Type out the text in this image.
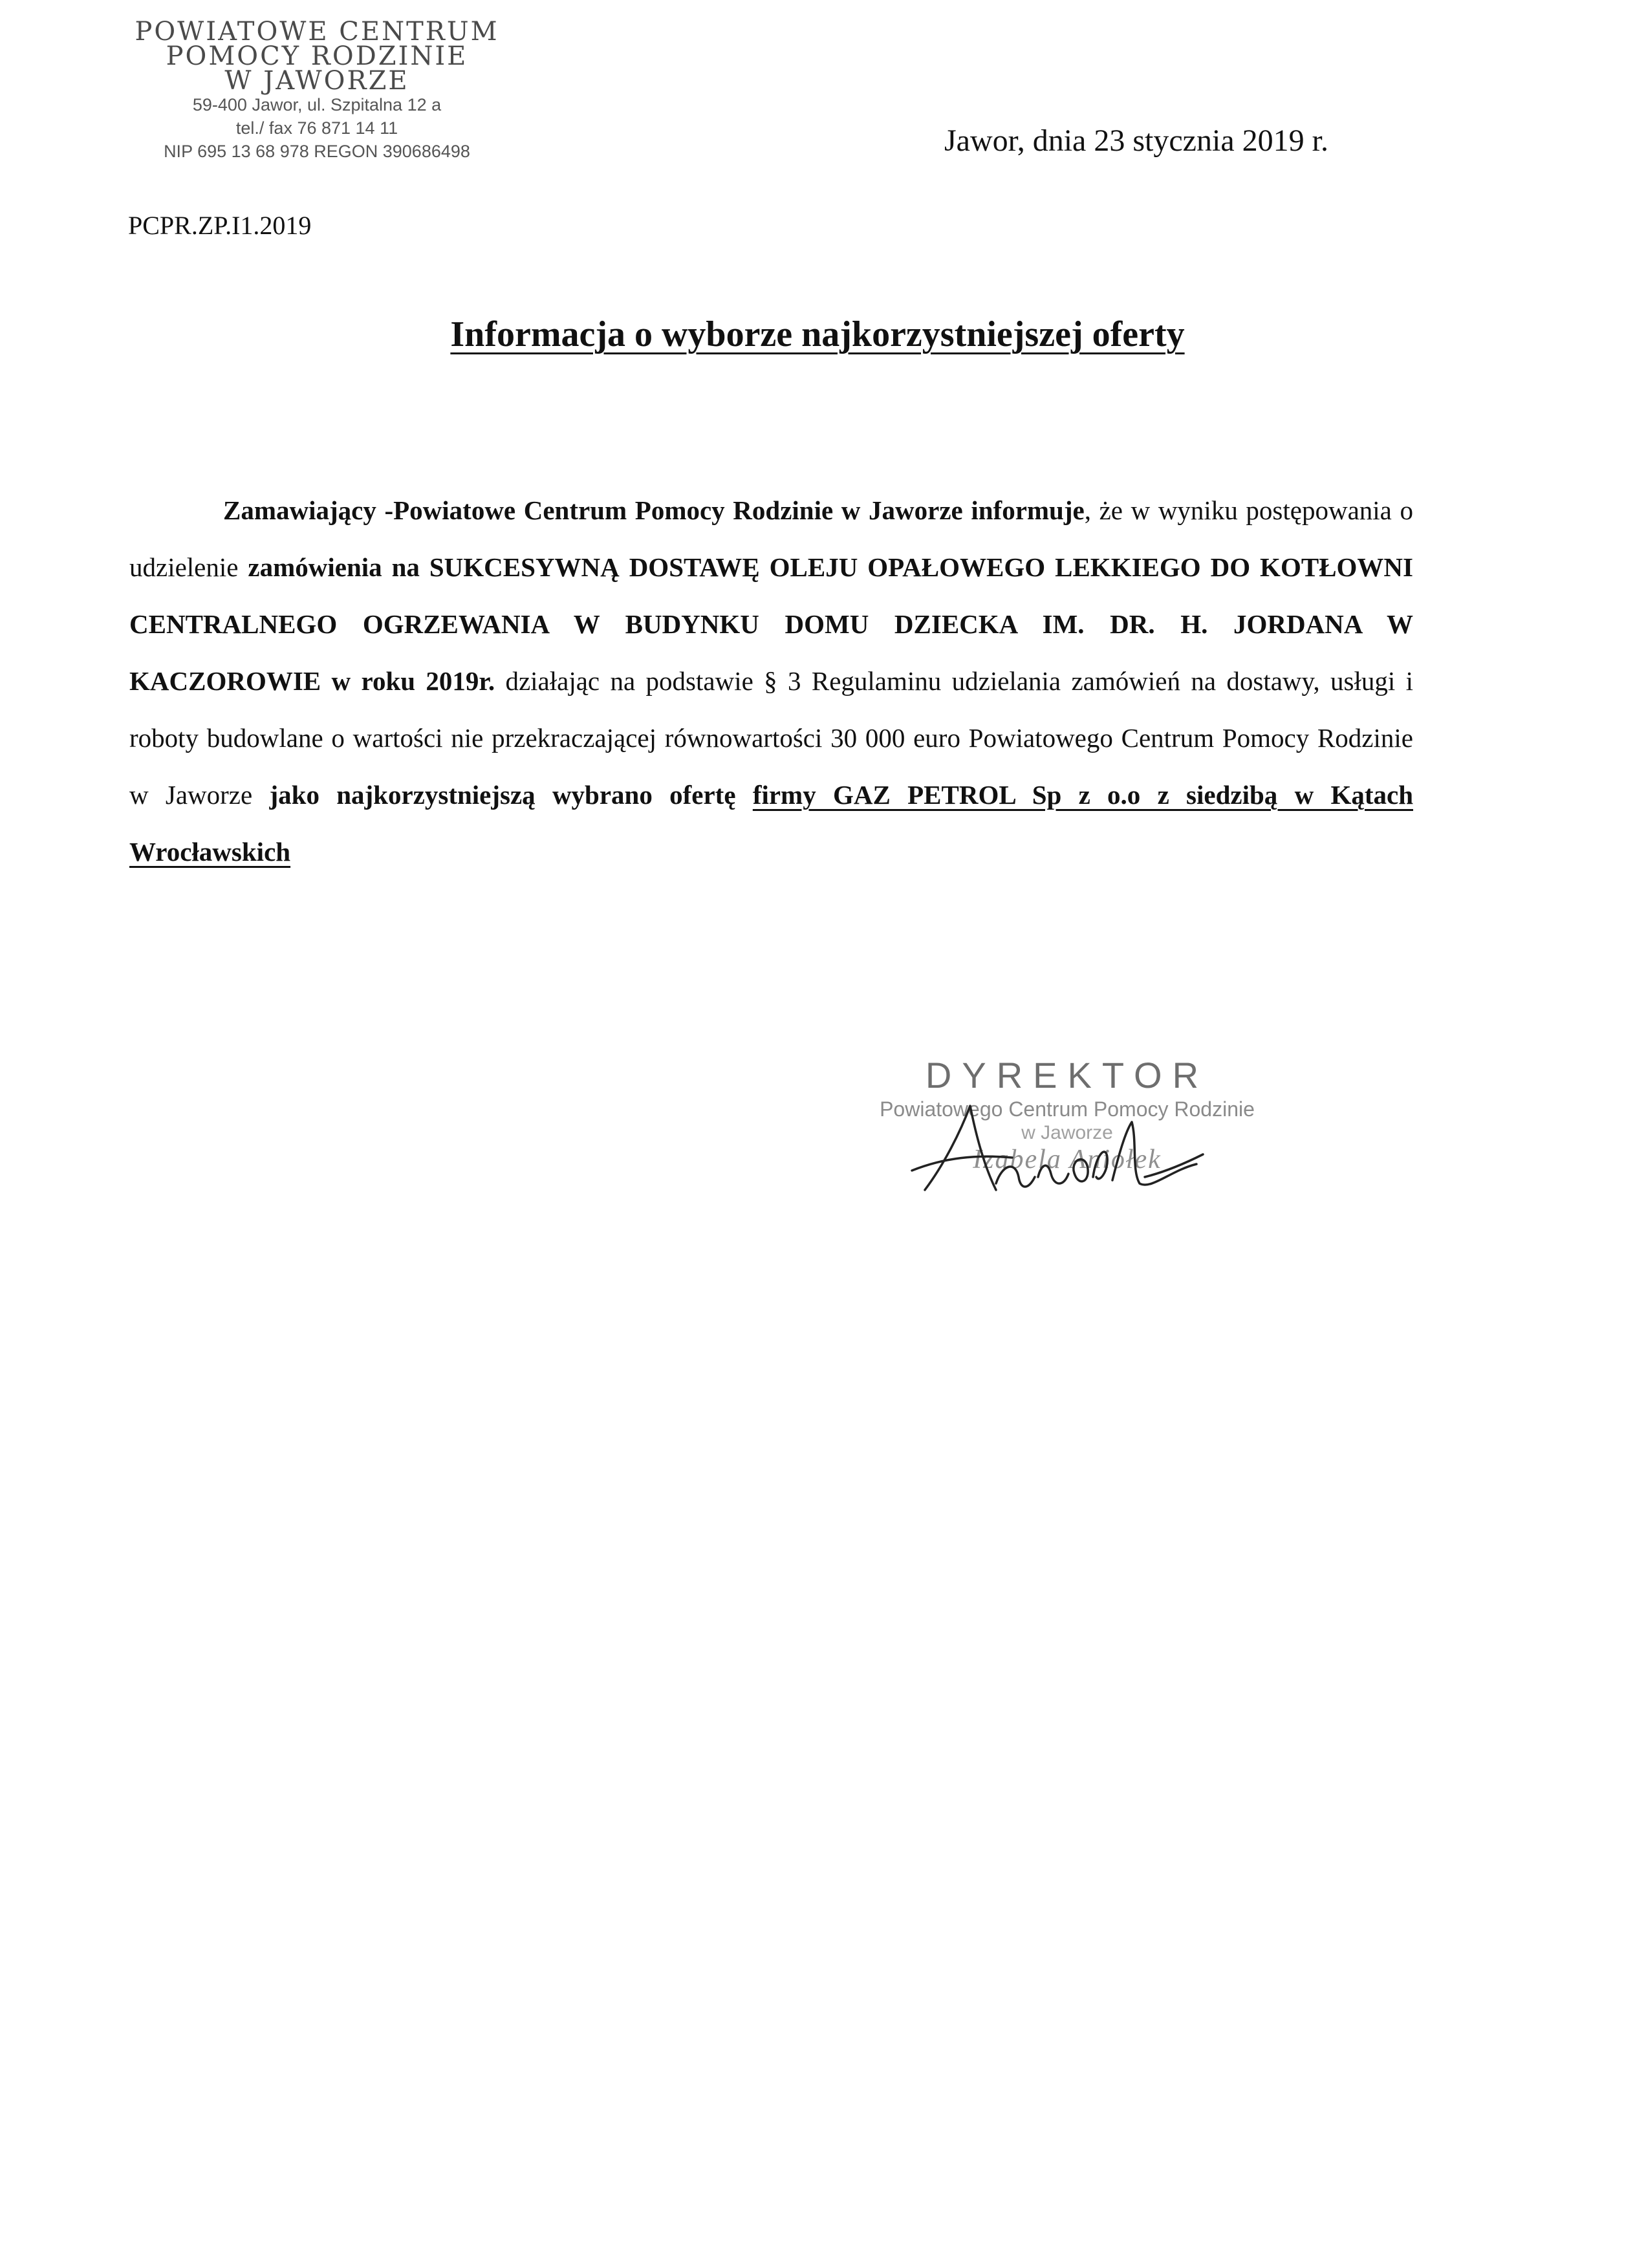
POWIATOWE CENTRUM
POMOCY RODZINIE
W JAWORZE
59-400 Jawor, ul. Szpitalna 12 a
tel./ fax 76 871 14 11
NIP 695 13 68 978 REGON 390686498	Jawor, dnia 23 stycznia 2019 r.
PCPR.ZP.I1.2019
Informacja o wyborze najkorzystniejszej oferty
Zamawiający -Powiatowe Centrum Pomocy Rodzinie w Jaworze informuje, że w wyniku postępowania o udzielenie zamówienia na SUKCESYWNĄ DOSTAWĘ OLEJU OPAŁOWEGO LEKKIEGO DO KOTŁOWNI CENTRALNEGO OGRZEWANIA W BUDYNKU DOMU DZIECKA IM. DR. H. JORDANA W KACZOROWIE w roku 2019r. działając na podstawie § 3 Regulaminu udzielania zamówień na dostawy, usługi i roboty budowlane o wartości nie przekraczającej równowartości 30 000 euro Powiatowego Centrum Pomocy Rodzinie w Jaworze jako najkorzystniejszą wybrano ofertę firmy GAZ PETROL Sp z o.o z siedzibą w Kątach Wrocławskich
DYREKTOR
Powiatowego Centrum Pomocy Rodzinie
w Jaworze
Izabela Aniołek
